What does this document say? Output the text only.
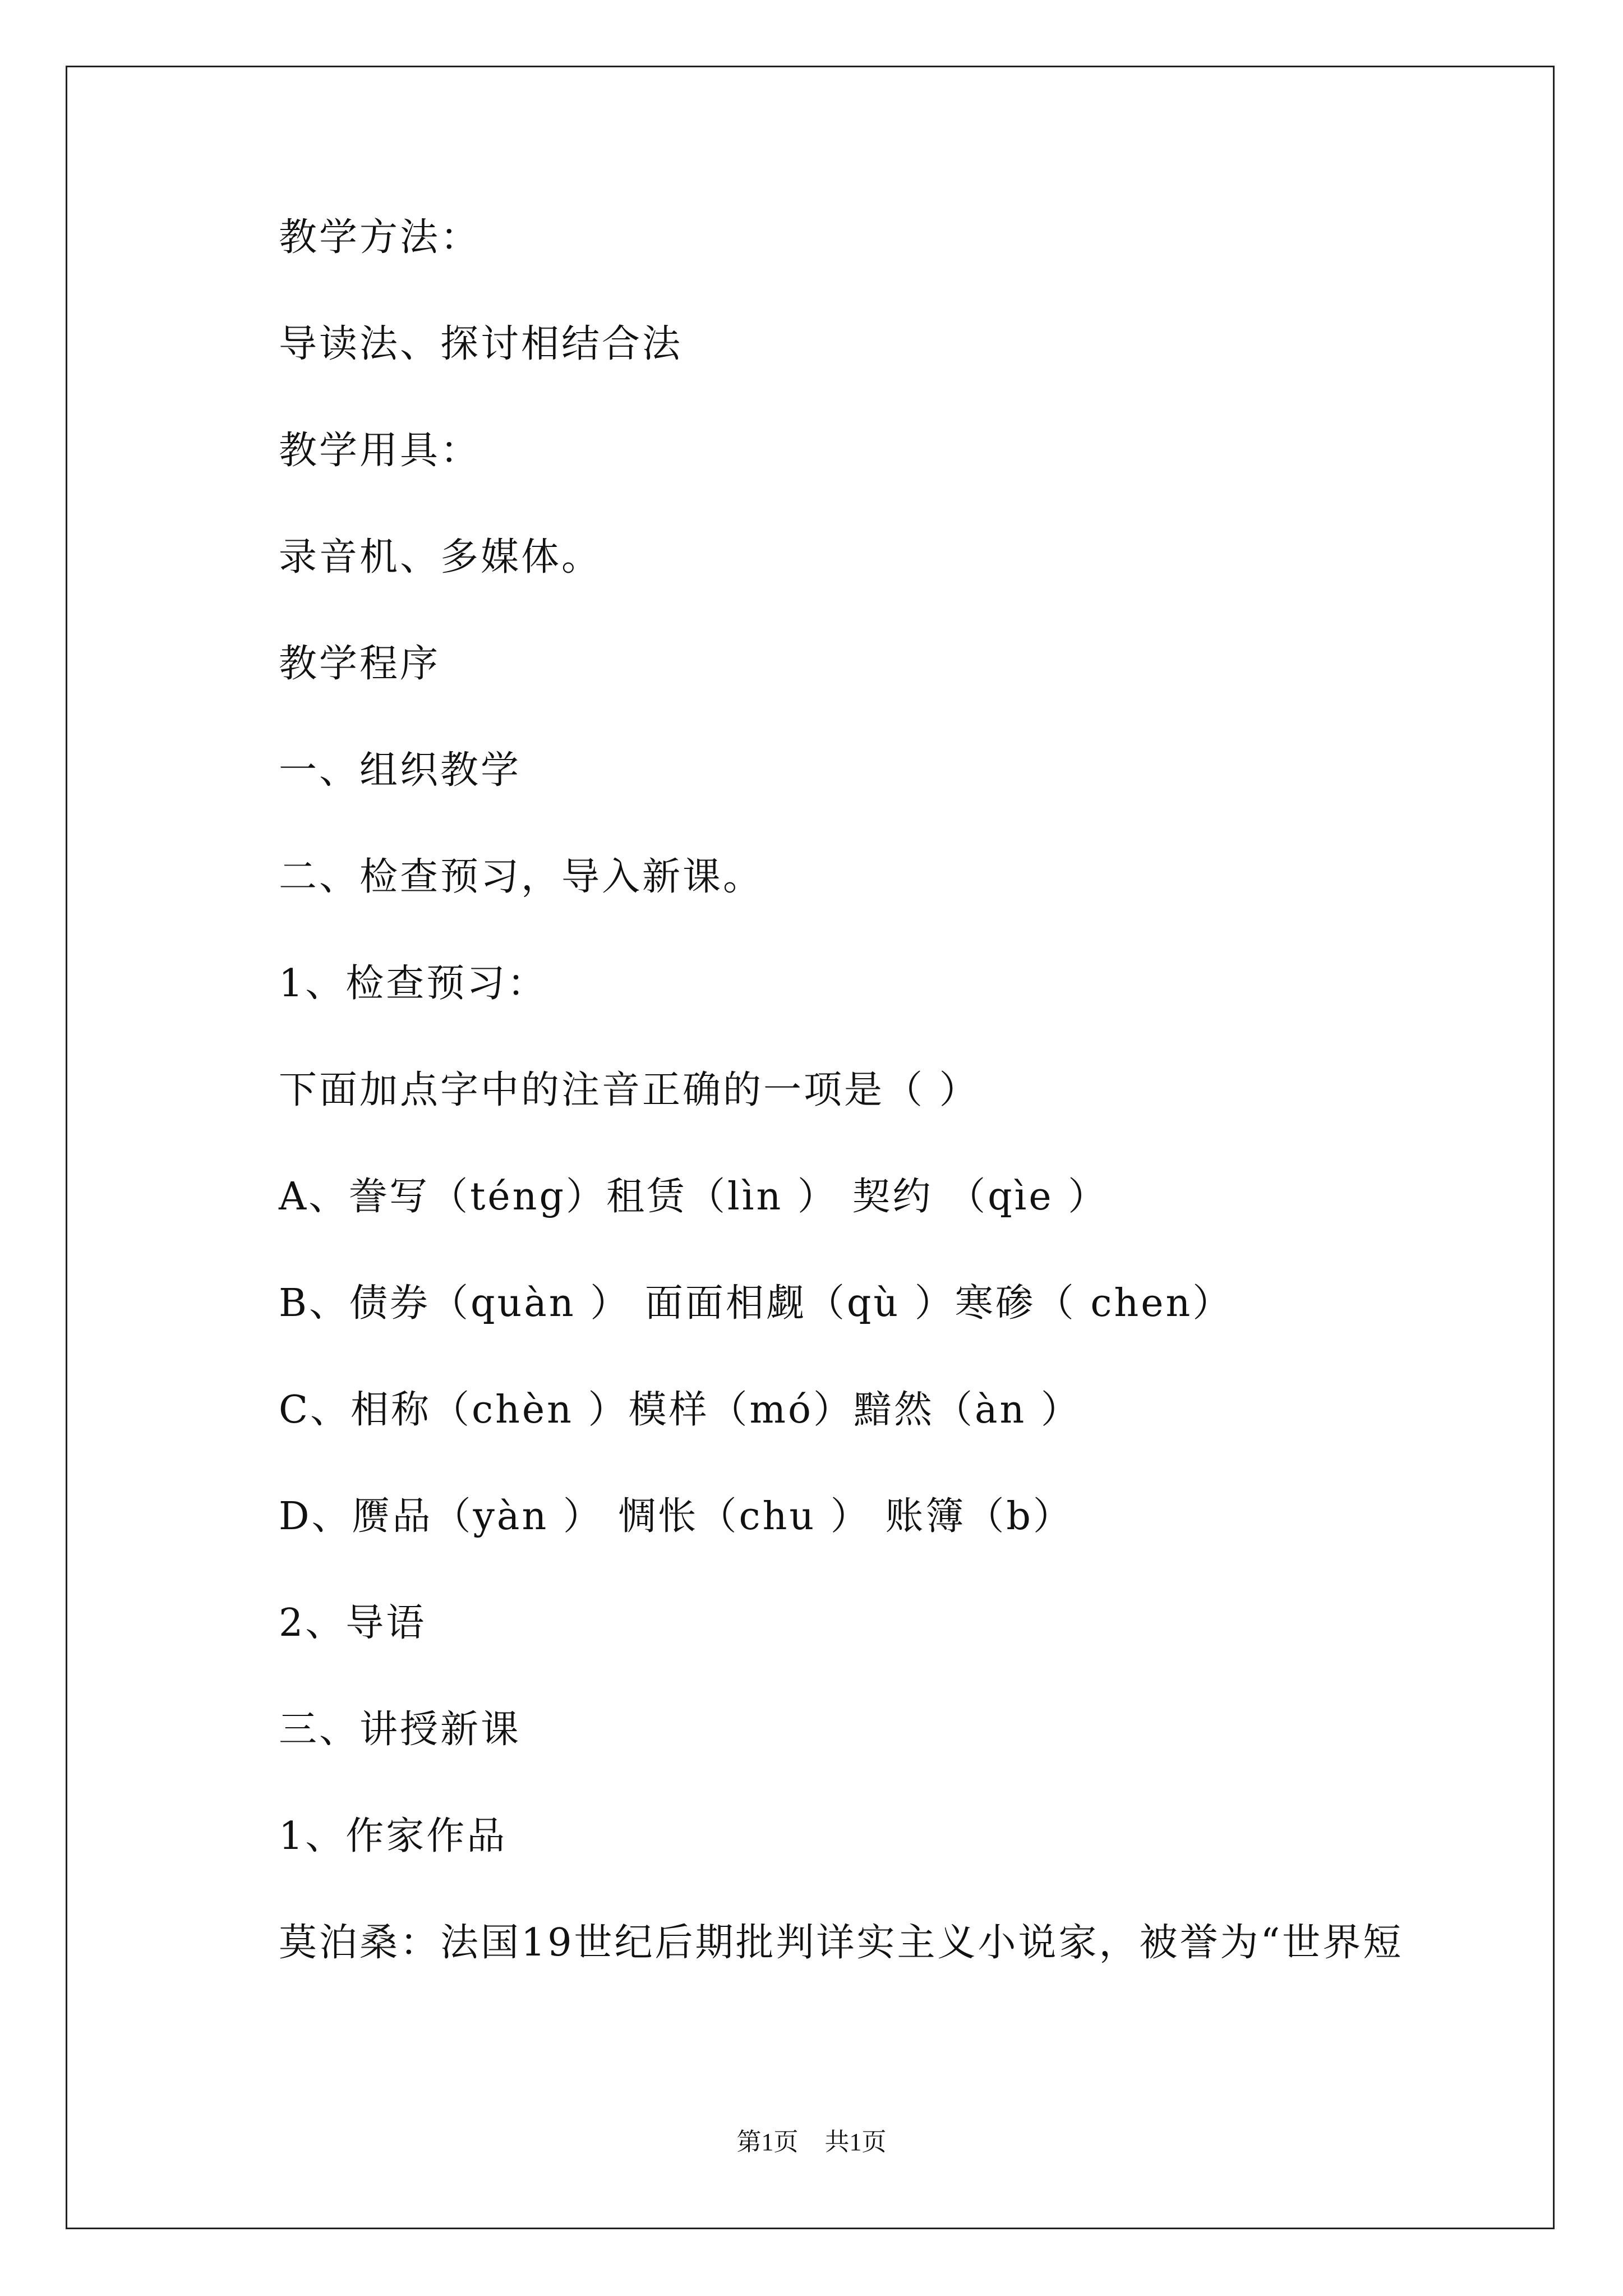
教学方法：
导读法、探讨相结合法
教学用具：
录音机、多媒体。
教学程序
一、组织教学
二、检查预习，导入新课。
1、检查预习：
下面加点字中的注音正确的一项是（ ）
A、誊写（téng）租赁（lìn ） 契约 （qìe ）
B、债券（quàn ） 面面相觑（qù ）寒碜（ chen）
C、相称（chèn ）模样（mó）黯然（àn ）
D、赝品（yàn ） 惆怅（chu ） 账簿（b）
2、导语
三、讲授新课
1、作家作品
莫泊桑：法国19世纪后期批判详实主义小说家，被誉为“世界短
第1页 共1页
